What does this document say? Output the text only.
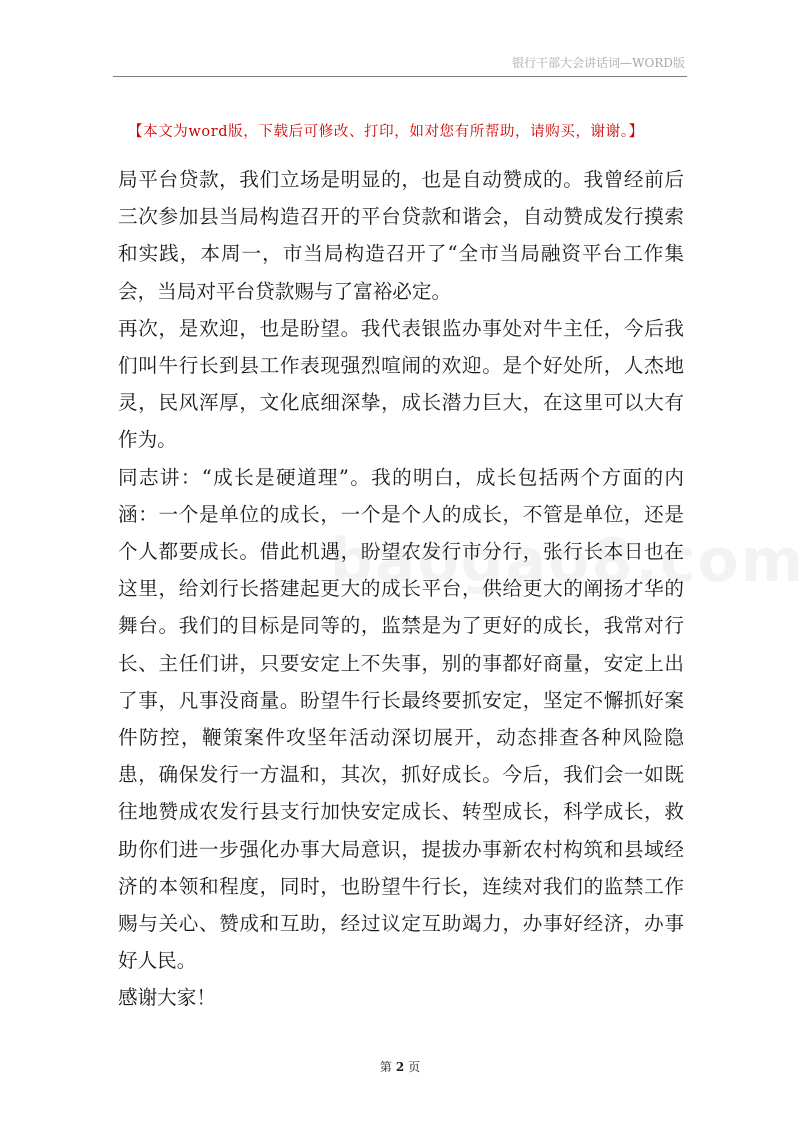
银行干部大会讲话词—WORD版
【本文为word版，下载后可修改、打印，如对您有所帮助，请购买，谢谢。】

局平台贷款，我们立场是明显的，也是自动赞成的。我曾经前后三次参加县当局构造召开的平台贷款和谐会，自动赞成发行摸索和实践，本周一，市当局构造召开了“全市当局融资平台工作集会，当局对平台贷款赐与了富裕必定。

再次，是欢迎，也是盼望。我代表银监办事处对牛主任，今后我们叫牛行长到县工作表现强烈喧闹的欢迎。是个好处所，人杰地灵，民风浑厚，文化底细深挚，成长潜力巨大，在这里可以大有作为。

同志讲：“成长是硬道理”。我的明白，成长包括两个方面的内涵：一个是单位的成长，一个是个人的成长，不管是单位，还是个人都要成长。借此机遇，盼望农发行市分行，张行长本日也在这里，给刘行长搭建起更大的成长平台，供给更大的阐扬才华的舞台。我们的目标是同等的，监禁是为了更好的成长，我常对行长、主任们讲，只要安定上不失事，别的事都好商量，安定上出了事，凡事没商量。盼望牛行长最终要抓安定，坚定不懈抓好案件防控，鞭策案件攻坚年活动深切展开，动态排查各种风险隐患，确保发行一方温和，其次，抓好成长。今后，我们会一如既往地赞成农发行县支行加快安定成长、转型成长，科学成长，救助你们进一步强化办事大局意识，提拔办事新农村构筑和县域经济的本领和程度，同时，也盼望牛行长，连续对我们的监禁工作赐与关心、赞成和互助，经过议定互助竭力，办事好经济，办事好人民。

感谢大家！

第 2 页
